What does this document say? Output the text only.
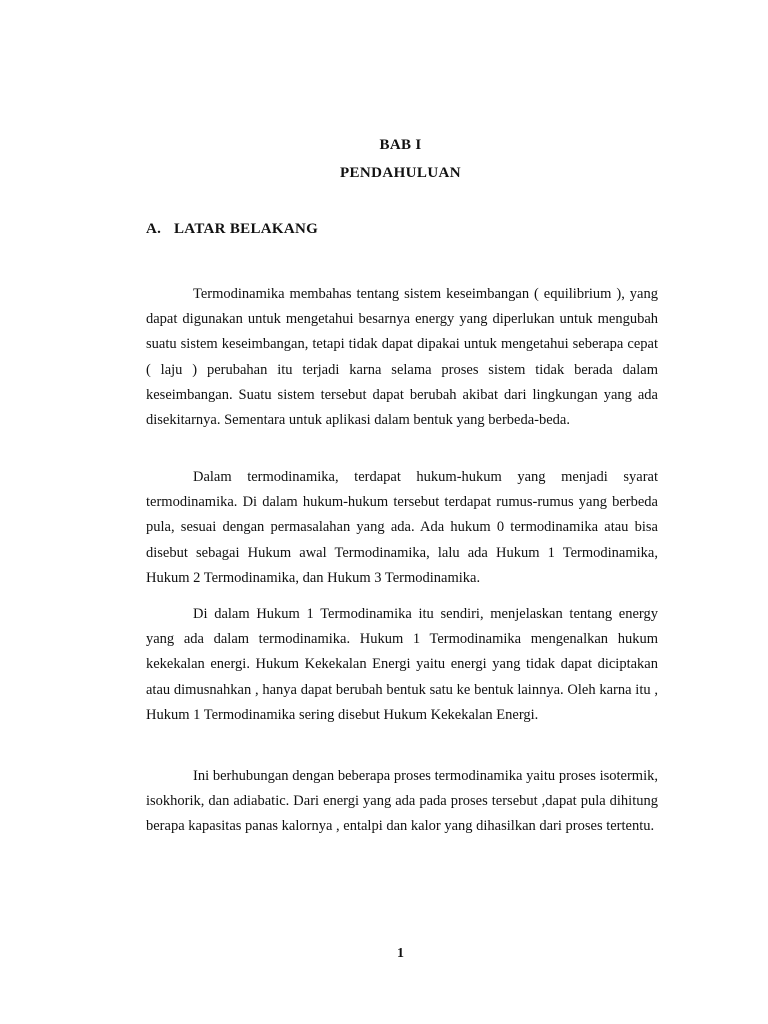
BAB I
PENDAHULUAN
A. LATAR BELAKANG

Termodinamika membahas tentang sistem keseimbangan ( equilibrium ), yang dapat digunakan untuk mengetahui besarnya energy yang diperlukan untuk mengubah suatu sistem keseimbangan, tetapi tidak dapat dipakai untuk mengetahui seberapa cepat ( laju ) perubahan itu terjadi karna selama proses sistem tidak berada dalam keseimbangan. Suatu sistem tersebut dapat berubah akibat dari lingkungan yang ada disekitarnya. Sementara untuk aplikasi dalam bentuk yang berbeda-beda.

Dalam termodinamika, terdapat hukum-hukum yang menjadi syarat termodinamika. Di dalam hukum-hukum tersebut terdapat rumus-rumus yang berbeda pula, sesuai dengan permasalahan yang ada. Ada hukum 0 termodinamika atau bisa disebut sebagai Hukum awal Termodinamika, lalu ada Hukum 1 Termodinamika, Hukum 2 Termodinamika, dan Hukum 3 Termodinamika.

Di dalam Hukum 1 Termodinamika itu sendiri, menjelaskan tentang energy yang ada dalam termodinamika. Hukum 1 Termodinamika mengenalkan hukum kekekalan energi. Hukum Kekekalan Energi yaitu energi yang tidak dapat diciptakan atau dimusnahkan , hanya dapat berubah bentuk satu ke bentuk lainnya. Oleh karna itu , Hukum 1 Termodinamika sering disebut Hukum Kekekalan Energi.

Ini berhubungan dengan beberapa proses termodinamika yaitu proses isotermik, isokhorik, dan adiabatic. Dari energi yang ada pada proses tersebut ,dapat pula dihitung berapa kapasitas panas kalornya , entalpi dan kalor yang dihasilkan dari proses tertentu.

1
